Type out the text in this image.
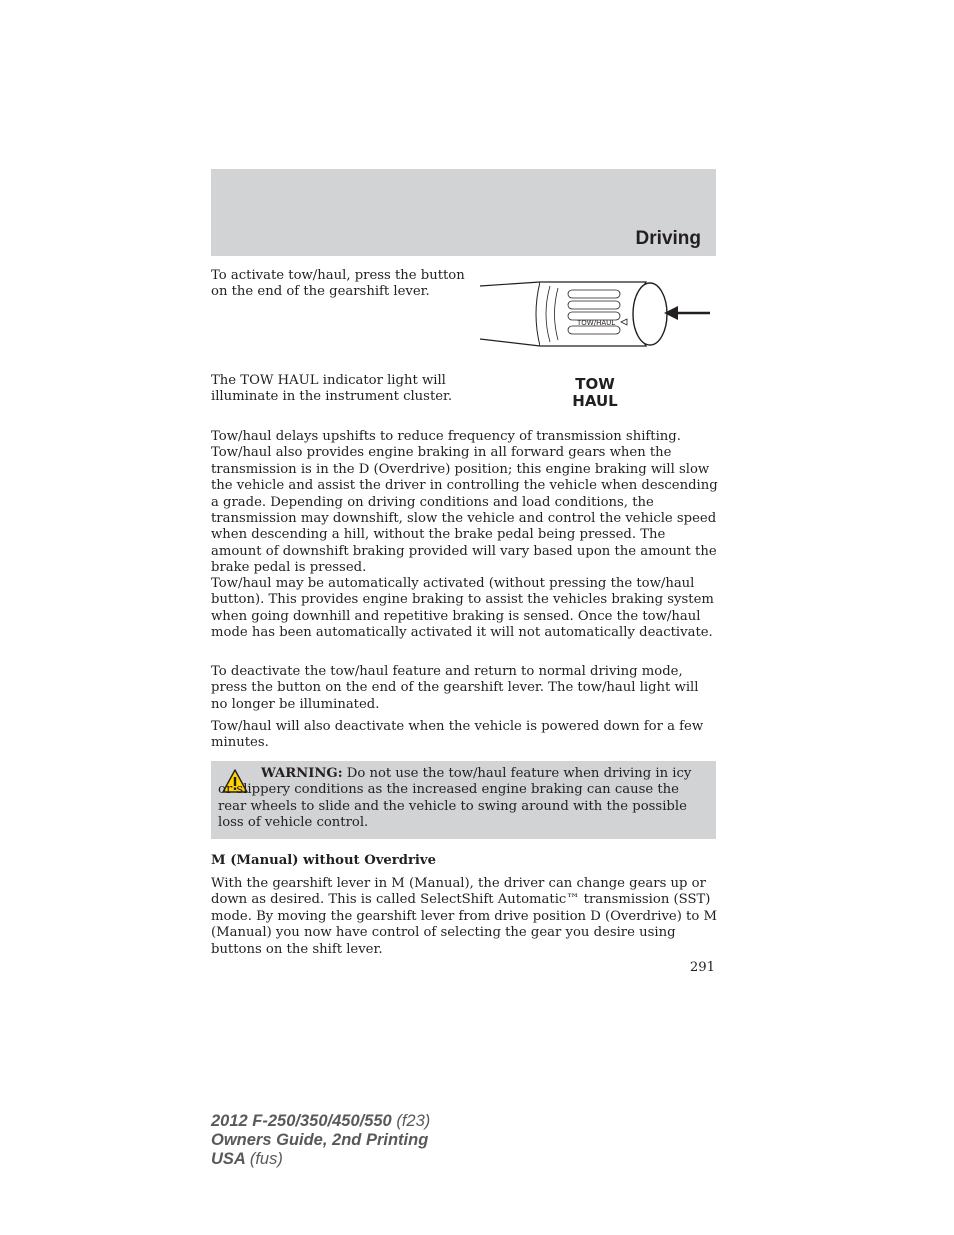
Driving

To activate tow/haul, press the button on the end of the gearshift lever.

TOW/HAUL

The TOW HAUL indicator light will illuminate in the instrument cluster.

TOW
HAUL

Tow/haul delays upshifts to reduce frequency of transmission shifting. Tow/haul also provides engine braking in all forward gears when the transmission is in the D (Overdrive) position; this engine braking will slow the vehicle and assist the driver in controlling the vehicle when descending a grade. Depending on driving conditions and load conditions, the transmission may downshift, slow the vehicle and control the vehicle speed when descending a hill, without the brake pedal being pressed. The amount of downshift braking provided will vary based upon the amount the brake pedal is pressed.

Tow/haul may be automatically activated (without pressing the tow/haul button). This provides engine braking to assist the vehicles braking system when going downhill and repetitive braking is sensed. Once the tow/haul mode has been automatically activated it will not automatically deactivate.

To deactivate the tow/haul feature and return to normal driving mode, press the button on the end of the gearshift lever. The tow/haul light will no longer be illuminated.

Tow/haul will also deactivate when the vehicle is powered down for a few minutes.

WARNING: Do not use the tow/haul feature when driving in icy or slippery conditions as the increased engine braking can cause the rear wheels to slide and the vehicle to swing around with the possible loss of vehicle control.

M (Manual) without Overdrive

With the gearshift lever in M (Manual), the driver can change gears up or down as desired. This is called SelectShift Automatic™ transmission (SST) mode. By moving the gearshift lever from drive position D (Overdrive) to M (Manual) you now have control of selecting the gear you desire using buttons on the shift lever.

291
2012 F-250/350/450/550 (f23)
Owners Guide, 2nd Printing
USA (fus)
